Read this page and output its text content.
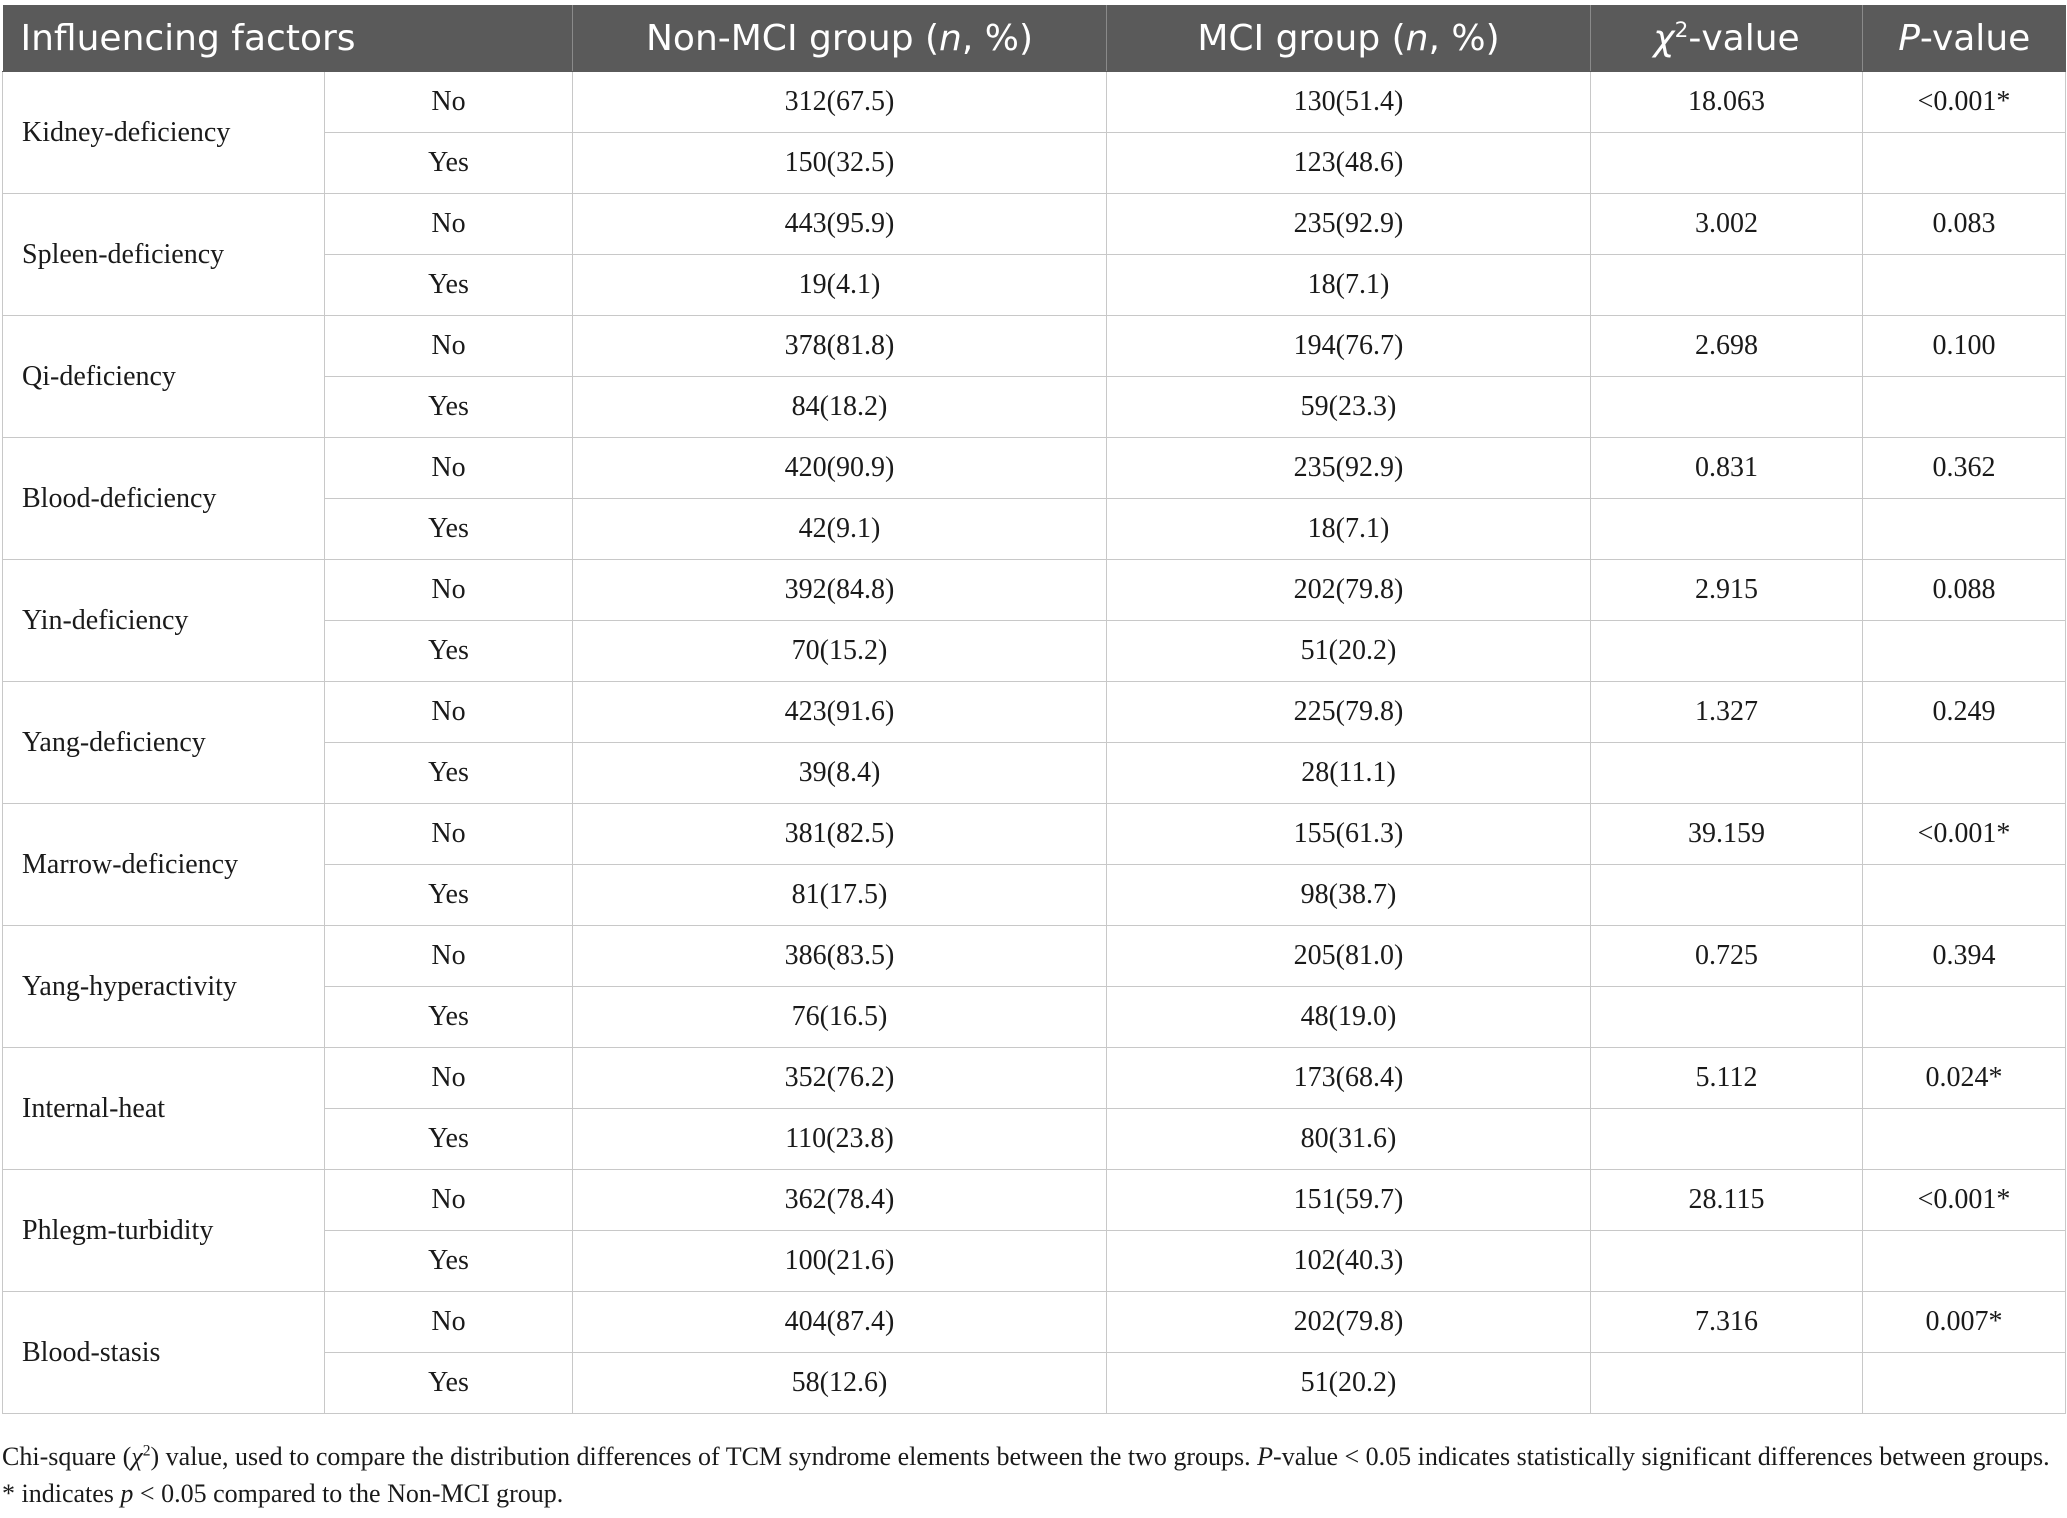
Influencing factors		Non-MCI group (n, %)	MCI group (n, %)	$\chi^2$-value	P-value
Kidney-deficiency	No	312(67.5)	130(51.4)	18.063	<0.001*
	Yes	150(32.5)	123(48.6)		
Spleen-deficiency	No	443(95.9)	235(92.9)	3.002	0.083
	Yes	19(4.1)	18(7.1)		
Qi-deficiency	No	378(81.8)	194(76.7)	2.698	0.100
	Yes	84(18.2)	59(23.3)		
Blood-deficiency	No	420(90.9)	235(92.9)	0.831	0.362
	Yes	42(9.1)	18(7.1)		
Yin-deficiency	No	392(84.8)	202(79.8)	2.915	0.088
	Yes	70(15.2)	51(20.2)		
Yang-deficiency	No	423(91.6)	225(79.8)	1.327	0.249
	Yes	39(8.4)	28(11.1)		
Marrow-deficiency	No	381(82.5)	155(61.3)	39.159	<0.001*
	Yes	81(17.5)	98(38.7)		
Yang-hyperactivity	No	386(83.5)	205(81.0)	0.725	0.394
	Yes	76(16.5)	48(19.0)		
Internal-heat	No	352(76.2)	173(68.4)	5.112	0.024*
	Yes	110(23.8)	80(31.6)		
Phlegm-turbidity	No	362(78.4)	151(59.7)	28.115	<0.001*
	Yes	100(21.6)	102(40.3)		
Blood-stasis	No	404(87.4)	202(79.8)	7.316	0.007*
	Yes	58(12.6)	51(20.2)		
Chi-square $(\chi^2)$ value, used to compare the distribution differences of TCM syndrome elements between the two groups. P-value < 0.05 indicates statistically significant differences between groups. * indicates p < 0.05 compared to the Non-MCI group.
